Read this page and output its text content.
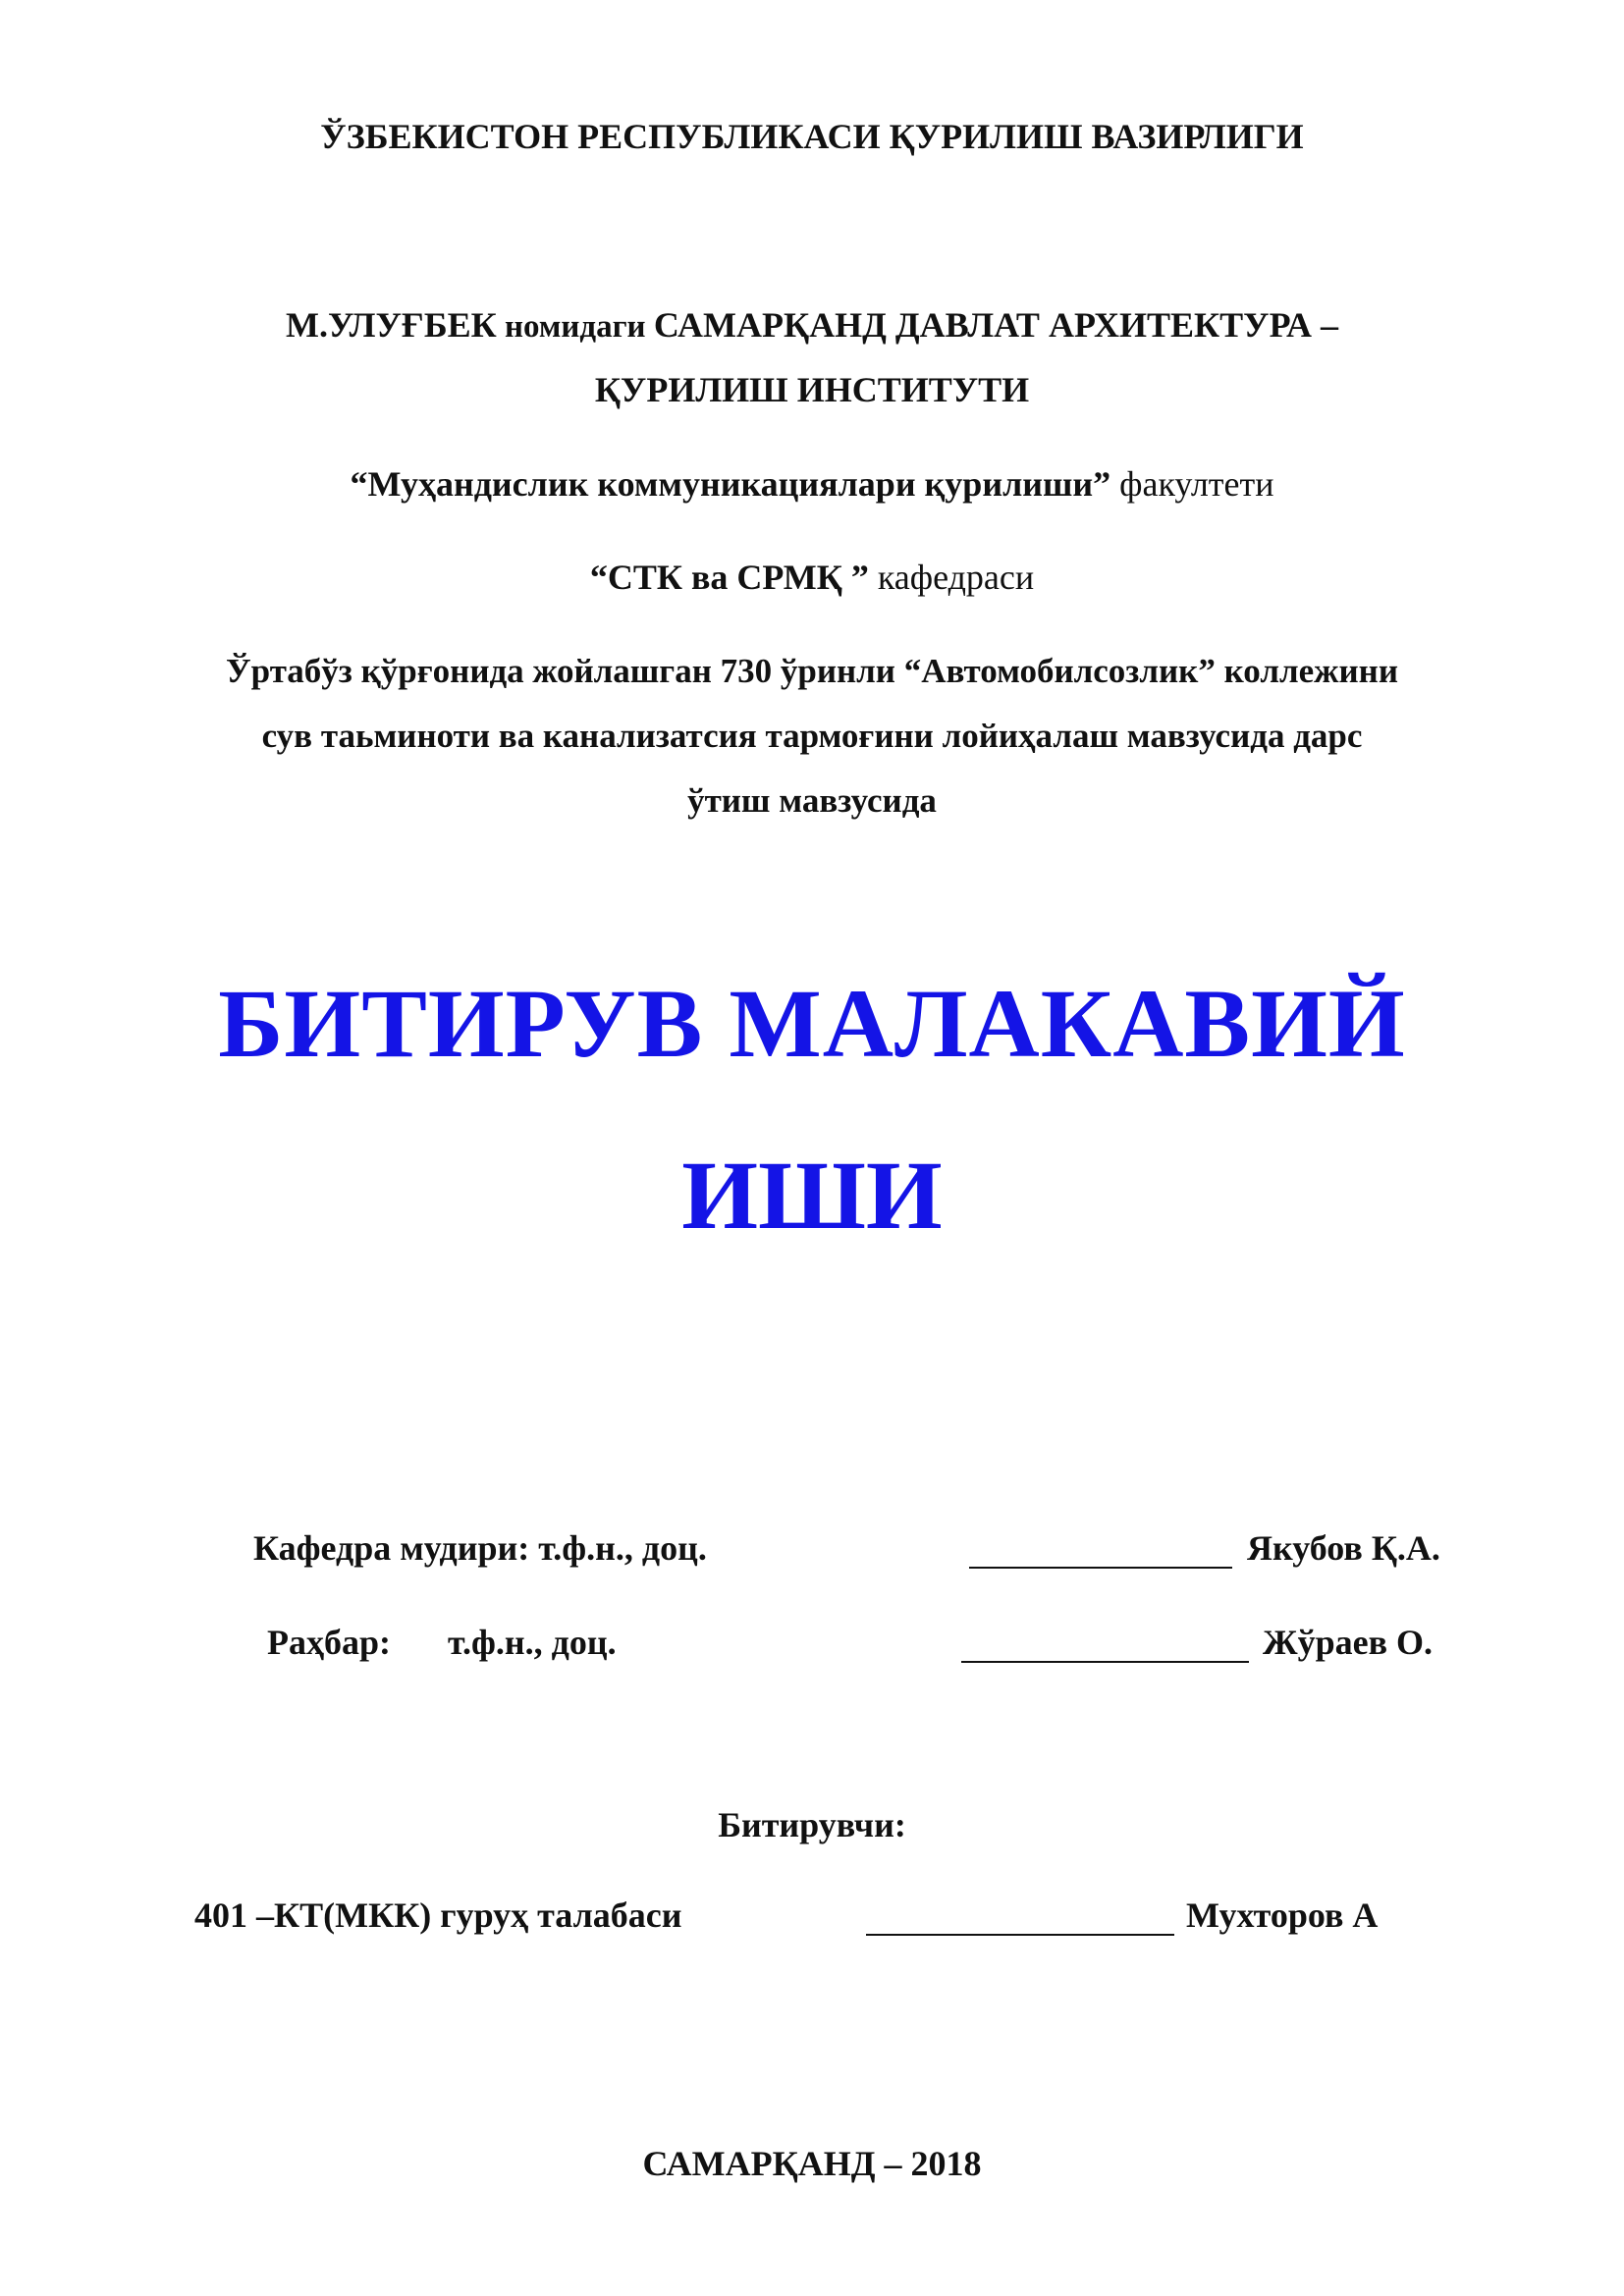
ЎЗБЕКИСТОН РЕСПУБЛИКАСИ ҚУРИЛИШ ВАЗИРЛИГИ
М.УЛУҒБЕК номидаги САМАРҚАНД ДАВЛАТ АРХИТЕКТУРА –
ҚУРИЛИШ ИНСТИТУТИ
“Муҳандислик коммуникациялари қурилиши” факултети
“СТК ва СРМҚ ” кафедраси
Ўртабўз қўрғонида жойлашган 730 ўринли “Автомобилсозлик” коллежини
сув таьминоти ва канализатсия тармоғини лойиҳалаш мавзусида дарс
ўтиш мавзусида
БИТИРУВ МАЛАКАВИЙ
ИШИ
Кафедра мудири: т.ф.н., доц.	Якубов Қ.А.
Раҳбар: т.ф.н., доц.	Жўраев О.
Битирувчи:
401 –КТ(МКК) гуруҳ талабаси	Мухторов А
САМАРҚАНД – 2018
